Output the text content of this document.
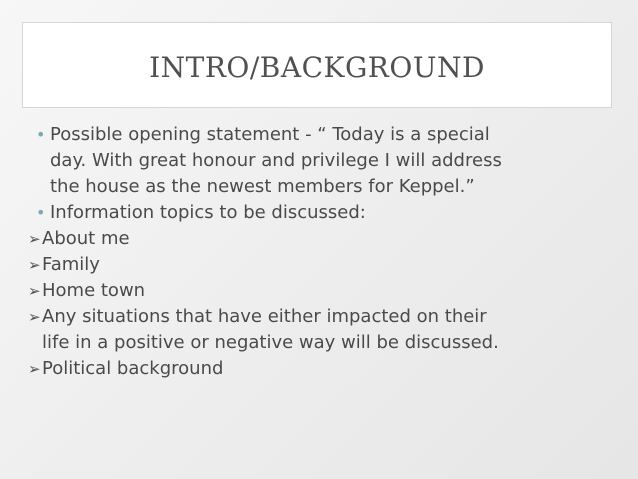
INTRO/BACKGROUND
• Possible opening statement - “ Today is a special
day. With great honour and privilege I will address
the house as the newest members for Keppel.”
• Information topics to be discussed:
➢ About me
➢ Family
➢ Home town
➢ Any situations that have either impacted on their
life in a positive or negative way will be discussed.
➢ Political background
